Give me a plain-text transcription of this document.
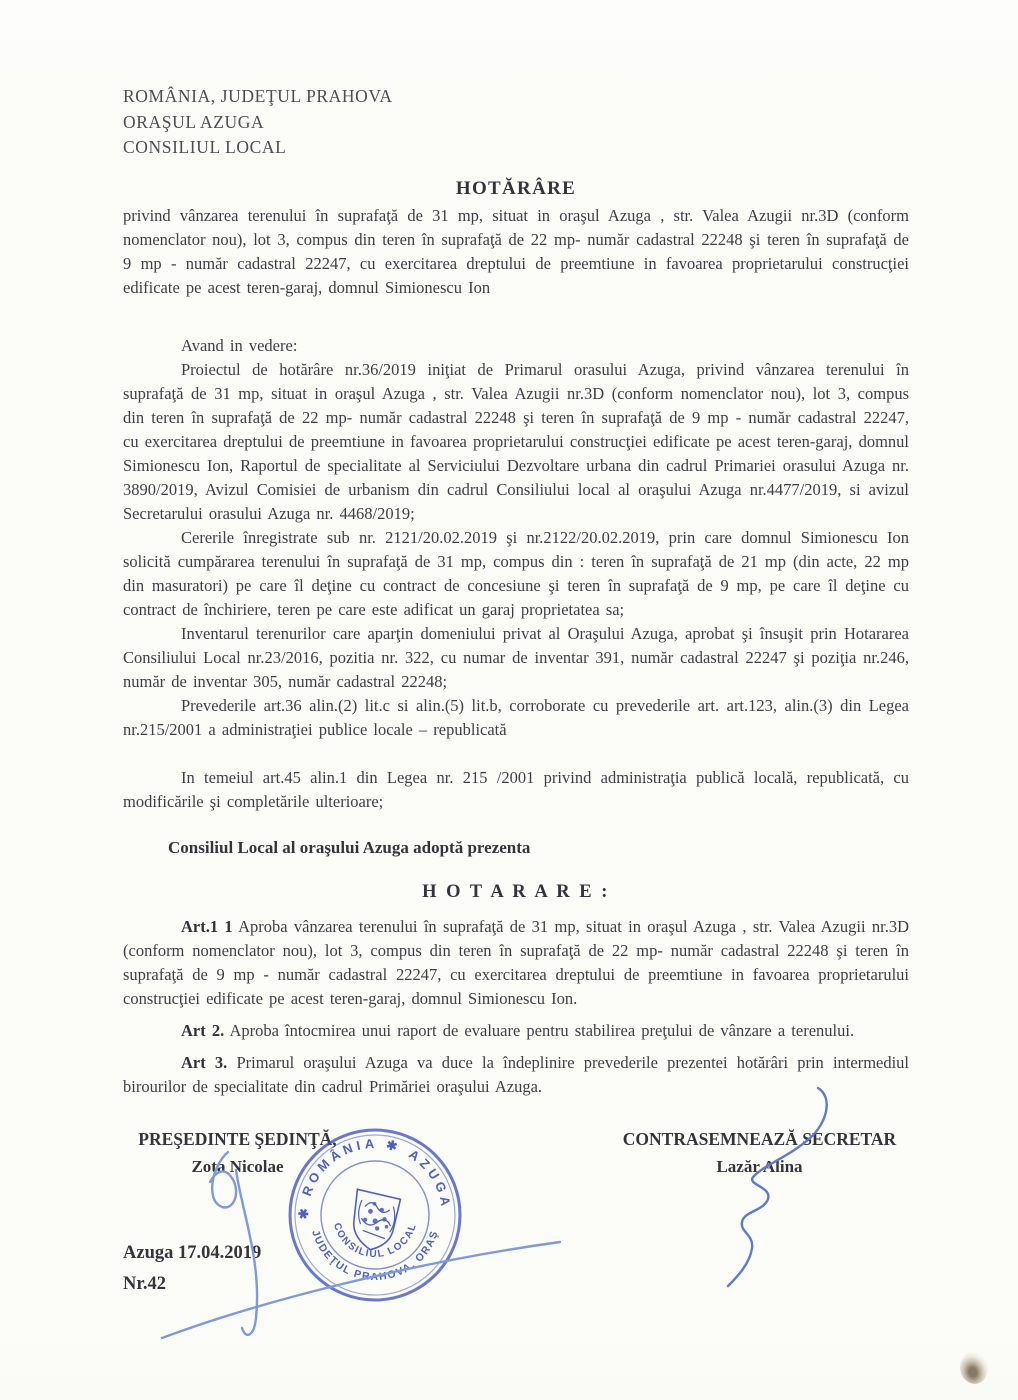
ROMÂNIA, JUDEŢUL PRAHOVA
ORAŞUL AZUGA
CONSILIUL LOCAL
HOTĂRÂRE

privind vânzarea terenului în suprafaţă de 31 mp, situat in oraşul Azuga , str. Valea Azugii nr.3D (conform nomenclator nou), lot 3, compus din teren în suprafaţă de 22 mp- număr cadastral 22248 şi teren în suprafaţă de 9 mp - număr cadastral 22247, cu exercitarea dreptului de preemtiune in favoarea proprietarului construcţiei edificate pe acest teren-garaj, domnul Simionescu Ion

Avand in vedere:

Proiectul de hotărâre nr.36/2019 iniţiat de Primarul orasului Azuga, privind vânzarea terenului în suprafaţă de 31 mp, situat in oraşul Azuga , str. Valea Azugii nr.3D (conform nomenclator nou), lot 3, compus din teren în suprafaţă de 22 mp- număr cadastral 22248 şi teren în suprafaţă de 9 mp - număr cadastral 22247, cu exercitarea dreptului de preemtiune in favoarea proprietarului construcţiei edificate pe acest teren-garaj, domnul Simionescu Ion, Raportul de specialitate al Serviciului Dezvoltare urbana din cadrul Primariei orasului Azuga nr. 3890/2019, Avizul Comisiei de urbanism din cadrul Consiliului local al oraşului Azuga nr.4477/2019, si avizul Secretarului orasului Azuga nr. 4468/2019;

Cererile înregistrate sub nr. 2121/20.02.2019 şi nr.2122/20.02.2019, prin care domnul Simionescu Ion solicită cumpărarea terenului în suprafaţă de 31 mp, compus din : teren în suprafaţă de 21 mp (din acte, 22 mp din masuratori) pe care îl deţine cu contract de concesiune şi teren în suprafaţă de 9 mp, pe care îl deţine cu contract de închiriere, teren pe care este adificat un garaj proprietatea sa;

Inventarul terenurilor care aparţin domeniului privat al Oraşului Azuga, aprobat şi însuşit prin Hotararea Consiliului Local nr.23/2016, pozitia nr. 322, cu numar de inventar 391, număr cadastral 22247 şi poziţia nr.246, număr de inventar 305, număr cadastral 22248;

Prevederile art.36 alin.(2) lit.c si alin.(5) lit.b, corroborate cu prevederile art. art.123, alin.(3) din Legea nr.215/2001 a administraţiei publice locale – republicată

In temeiul art.45 alin.1 din Legea nr. 215 /2001 privind administraţia publică locală, republicată, cu modificările şi completările ulterioare;

Consiliul Local al oraşului Azuga adoptă prezenta

H O T A R A R E :

Art.1 1 Aproba vânzarea terenului în suprafaţă de 31 mp, situat in oraşul Azuga , str. Valea Azugii nr.3D (conform nomenclator nou), lot 3, compus din teren în suprafaţă de 22 mp- număr cadastral 22248 şi teren în suprafaţă de 9 mp - număr cadastral 22247, cu exercitarea dreptului de preemtiune in favoarea proprietarului construcţiei edificate pe acest teren-garaj, domnul Simionescu Ion.

Art 2. Aproba întocmirea unui raport de evaluare pentru stabilirea preţului de vânzare a terenului.

Art 3. Primarul oraşului Azuga va duce la îndeplinire prevederile prezentei hotărâri prin intermediul birourilor de specialitate din cadrul Primăriei oraşului Azuga.

PREŞEDINTE ŞEDINŢĂ,
Zota Nicolae
CONTRASEMNEAZĂ SECRETAR
Lazăr Alina
Azuga 17.04.2019
Nr.42
✱ ROMÂNIA ✱
AZUGA
JUDEŢUL PRAHOVA, ORAŞ
CONSILIUL LOCAL
